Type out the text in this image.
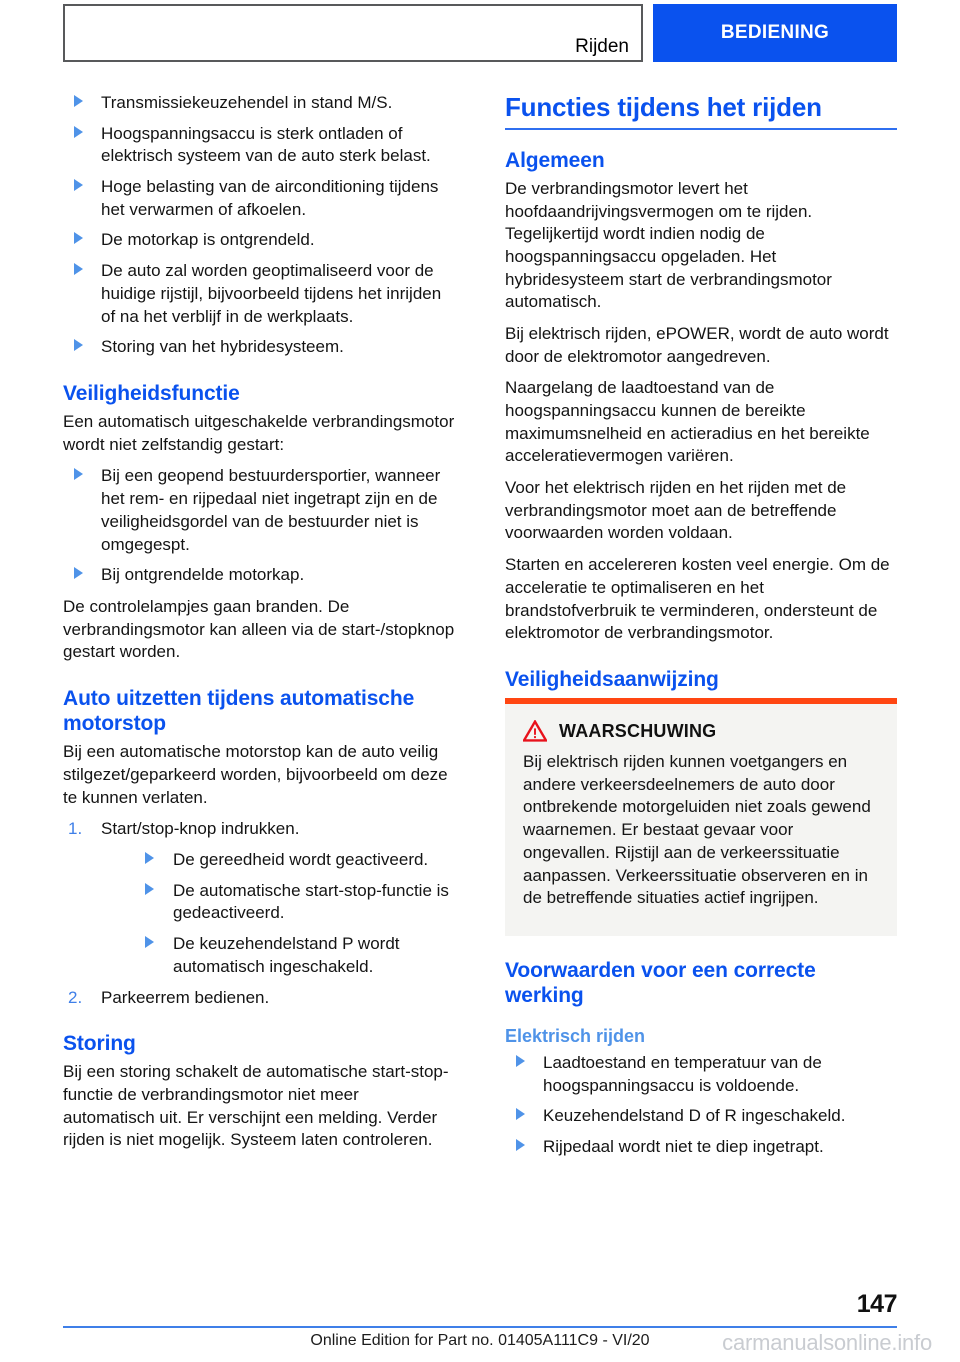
Rijden
BEDIENING
Transmissiekeuzehendel in stand M/S.
Hoogspanningsaccu is sterk ontladen of elektrisch systeem van de auto sterk belast.
Hoge belasting van de airconditioning tijdens het verwarmen of afkoelen.
De motorkap is ontgrendeld.
De auto zal worden geoptimaliseerd voor de huidige rijstijl, bijvoorbeeld tijdens het inrijden of na het verblijf in de werkplaats.
Storing van het hybridesysteem.
Veiligheidsfunctie

Een automatisch uitgeschakelde verbrandingsmotor wordt niet zelfstandig gestart:

Bij een geopend bestuurdersportier, wanneer het rem- en rijpedaal niet ingetrapt zijn en de veiligheidsgordel van de bestuurder niet is omgegespt.
Bij ontgrendelde motorkap.

De controlelampjes gaan branden. De verbrandingsmotor kan alleen via de start-/stopknop gestart worden.

Auto uitzetten tijdens automatische motorstop

Bij een automatische motorstop kan de auto veilig stilgezet/geparkeerd worden, bijvoorbeeld om deze te kunnen verlaten.

1 . Start/stop-knop indrukken.
De gereedheid wordt geactiveerd.
De automatische start-stop-functie is gedeactiveerd.
De keuzehendelstand P wordt automatisch ingeschakeld.
2 . Parkeerrem bedienen.
Storing

Bij een storing schakelt de automatische start-stop-functie de verbrandingsmotor niet meer automatisch uit. Er verschijnt een melding. Verder rijden is niet mogelijk. Systeem laten controleren.

Functies tijdens het rijden
Algemeen

De verbrandingsmotor levert het hoofdaandrijvingsvermogen om te rijden. Tegelijkertijd wordt indien nodig de hoogspanningsaccu opgeladen. Het hybridesysteem start de verbrandingsmotor automatisch.

Bij elektrisch rijden, ePOWER, wordt de auto wordt door de elektromotor aangedreven.

Naargelang de laadtoestand van de hoogspanningsaccu kunnen de bereikte maximumsnelheid en actieradius en het bereikte acceleratievermogen variëren.

Voor het elektrisch rijden en het rijden met de verbrandingsmotor moet aan de betreffende voorwaarden worden voldaan.

Starten en accelereren kosten veel energie. Om de acceleratie te optimaliseren en het brandstofverbruik te verminderen, ondersteunt de elektromotor de verbrandingsmotor.

Veiligheidsaanwijzing
WAARSCHUWING
Bij elektrisch rijden kunnen voetgangers en andere verkeersdeelnemers de auto door ontbrekende motorgeluiden niet zoals gewend waarnemen. Er bestaat gevaar voor ongevallen. Rijstijl aan de verkeerssituatie aanpassen. Verkeerssituatie observeren en in de betreffende situaties actief ingrijpen.
Voorwaarden voor een correcte werking
Elektrisch rijden
Laadtoestand en temperatuur van de hoogspanningsaccu is voldoende.
Keuzehendelstand D of R ingeschakeld.
Rijpedaal wordt niet te diep ingetrapt.
147
Online Edition for Part no. 01405A111C9 - VI/20	carmanualsonline.info
